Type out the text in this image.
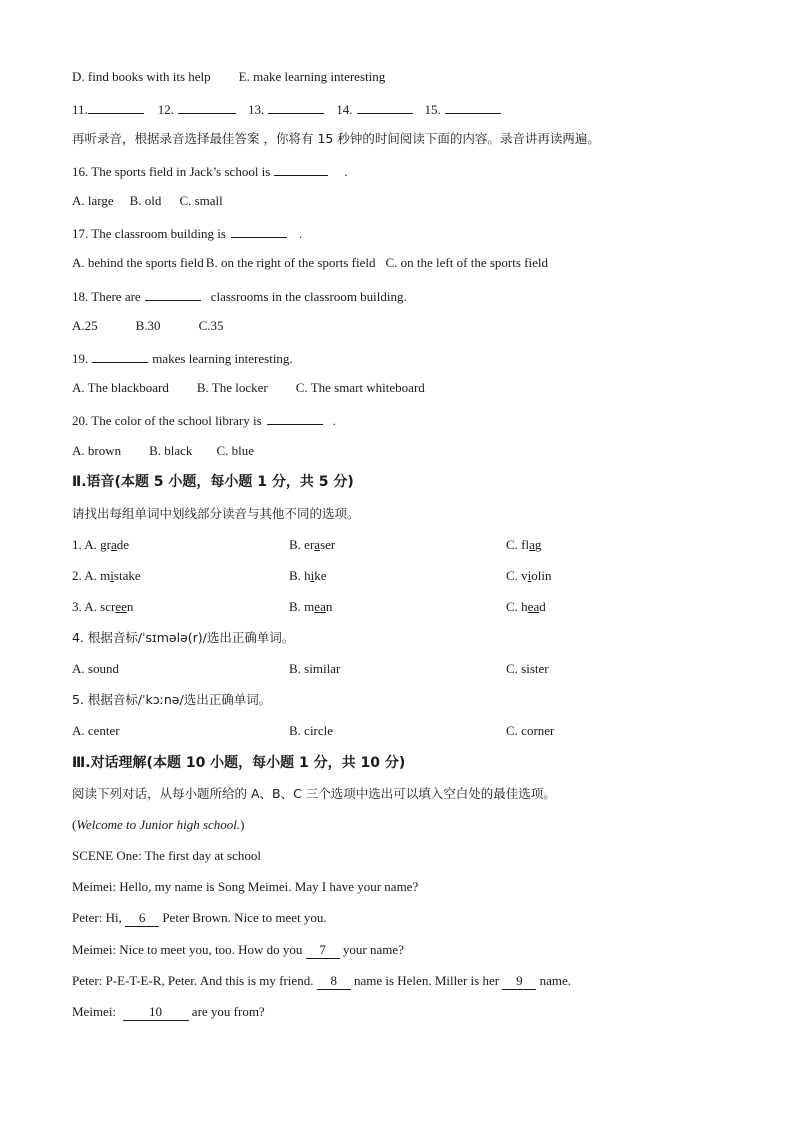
D. find books with its help E. make learning interesting
11.	12.	13.	14.	15.
再听录音，根据录音选择最佳答案 ，你将有 15 秒钟的时间阅读下面的内容。录音讲再读两遍。
16. The sports field in Jack’s school is	.
A. large B. old C. small
17. The classroom building is	.
A. behind the sports field B. on the right of the sports field C. on the left of the sports field
18. There are	classrooms in the classroom building.
A.25	B.30	C.35
19.	makes learning interesting.
A. The blackboard B. The locker C. The smart whiteboard
20. The color of the school library is	.
A. brown B. black C. blue
Ⅱ.语音(本题 5 小题，每小题 1 分，共 5 分)
请找出每组单词中划线部分读音与其他不同的选项。
1. A. grade	B. eraser	C. flag
2. A. mistake	B. hike	C. violin
3. A. screen	B. mean	C. head
4. 根据音标/ˈsɪmələ(r)/选出正确单词。
A. sound	B. similar	C. sister
5. 根据音标/ˈkɔːnə/选出正确单词。
A. center	B. circle	C. corner
Ⅲ.对话理解(本题 10 小题，每小题 1 分，共 10 分)
阅读下列对话，从每小题所给的 A、B、C 三个选项中选出可以填入空白处的最佳选项。
(Welcome to Junior high school.)
SCENE One: The first day at school
Meimei: Hello, my name is Song Meimei. May I have your name?
Peter: Hi, 6 Peter Brown. Nice to meet you.
Meimei: Nice to meet you, too. How do you 7 your name?
Peter: P-E-T-E-R, Peter. And this is my friend. 8 name is Helen. Miller is her 9 name.
Meimei:	10 are you from?
